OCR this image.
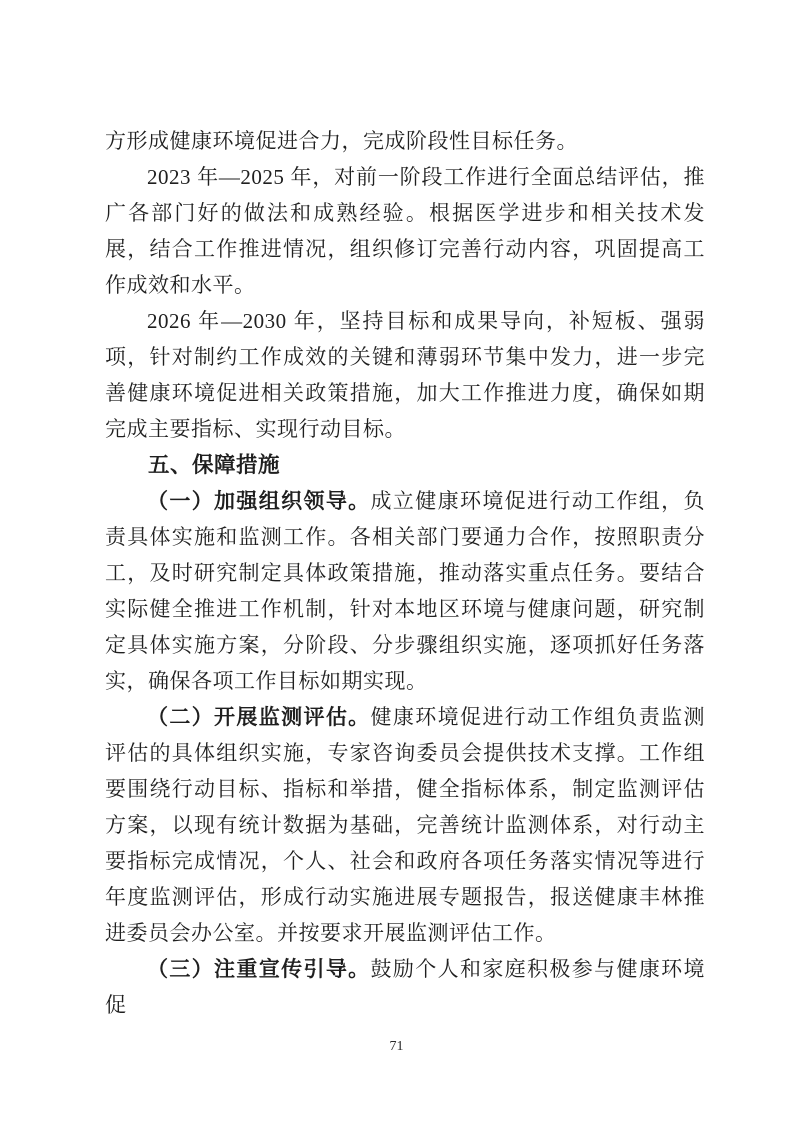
方形成健康环境促进合力，完成阶段性目标任务。

2023 年—2025 年，对前一阶段工作进行全面总结评估，推广各部门好的做法和成熟经验。根据医学进步和相关技术发展，结合工作推进情况，组织修订完善行动内容，巩固提高工作成效和水平。

2026 年—2030 年，坚持目标和成果导向，补短板、强弱项，针对制约工作成效的关键和薄弱环节集中发力，进一步完善健康环境促进相关政策措施，加大工作推进力度，确保如期完成主要指标、实现行动目标。

五、保障措施

（一）加强组织领导。成立健康环境促进行动工作组，负责具体实施和监测工作。各相关部门要通力合作，按照职责分工，及时研究制定具体政策措施，推动落实重点任务。要结合实际健全推进工作机制，针对本地区环境与健康问题，研究制定具体实施方案，分阶段、分步骤组织实施，逐项抓好任务落实，确保各项工作目标如期实现。

（二）开展监测评估。健康环境促进行动工作组负责监测评估的具体组织实施，专家咨询委员会提供技术支撑。工作组要围绕行动目标、指标和举措，健全指标体系，制定监测评估方案，以现有统计数据为基础，完善统计监测体系，对行动主要指标完成情况，个人、社会和政府各项任务落实情况等进行年度监测评估，形成行动实施进展专题报告，报送健康丰林推进委员会办公室。并按要求开展监测评估工作。

（三）注重宣传引导。鼓励个人和家庭积极参与健康环境促

71
